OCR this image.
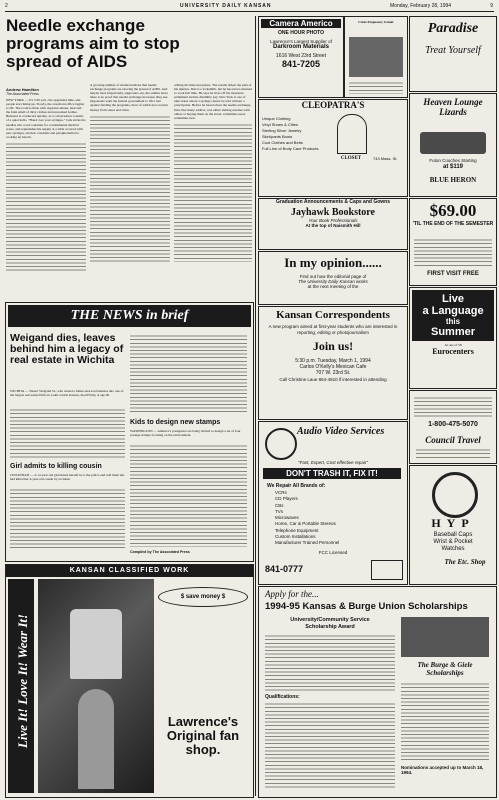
2	UNIVERSITY DAILY KANSAN	Monday, February 28, 1994	9
Needle exchange programs aim to stop spread of AIDS
Andrew Hamilton
The Associated Press

NEW YORK — It's 5:30 p.m., the appointed time, and people start lining up. Slowly, the storefront office begins to fill. The room is thick with cigarette smoke, heat and the faint smell of dirty clothes and unwashed bodies. Business is conducted quickly, as a conversation consists of a quiet hello. "Hand over your syringes." Jack sticks his needles into a red container for contaminated medical waste, and replenishes his supply at a table covered with new syringes, alcohol, condoms and paraphernalia for cooking up heroin.

A growing number of studies indicate that needle exchange programs are slowing the spread of AIDS. And maybe most importantly, supporters say, the studies show there is no proof that needle exchange increases drug use. Opponents want the federal government to lift a ban against funding the programs, most of which now receive money from states and cities.

willing his misconceptions. The results defeat the pain of his injuries. Dan is a locksmith, but he has never returned to work full time. He says he lives off his insurance settlement and his disability pay. New York is one of nine states where a syringe cannot be sold without a prescription. Before he heard about the needle exchange, Dan, like many addicts, was either sharing needles with others or buying them on the street, sometimes used, sometimes new.

THE NEWS in brief
Weigand dies, leaves behind him a legacy of real estate in Wichita
WICHITA — Nestor Weigand Sr., who turned a father-and-son business into one of the largest real estate firms in south central Kansas, died Friday at age 90.
Girl admits to killing cousin
CINCINNATI — A 12-year-old girl turned herself in to the police and told them she had killed her 4-year-old cousin by accident.
Kids to design new stamps
WASHINGTON — America's youngsters are being invited to design a set of four postage stamps focusing on the environment.
Compiled by The Associated Press
KANSAN CLASSIFIED WORK
Live It! Love It! Wear It!
$ save money $
Lawrence's Original fan shop.
Camera Americo
ONE HOUR PHOTO
Lawrence's Largest Supplier of
Darkroom Materials
1616 West 23rd Street
841-7205
Crisis Pregnancy Center	Paradise
Treat Yourself
CLEOPATRA'S
Unique Clothing
Vinyl Shoes & Cities
Sterling Silver Jewelry
Skirt/pants Boots
Cool Clothes and Belts
Full Line of Body Care Products
CLOSET	743 Mass. St.
Heaven Lounge Lizards
Futon Couches Starting
at $119
BLUE HERON
Graduation Announcements & Caps and Gowns
Jayhawk Bookstore
Your Book Professionals
At the top of Naismith Hill
$69.00
'TIL THE END OF THE SEMESTER
FIRST VISIT FREE
In my opinion......
Find out how the editorial page of
The University Daily Kansan works
at the next meeting of the
Live
a Language
this
Summer
At one of 58
Eurocenters
Kansan Correspondents
A new program aimed at first-year students who are interested in reporting, editing or photojournalism
Join us!
5:30 p.m. Tuesday, March 1, 1994
Carlos O'Kelly's Mexican Cafe
707 W. 23rd St.
Call Christine Laue 864-4810 if interested in attending
1-800-475-5070
Council Travel
Audio Video Services
"Fast, Expert, Cost effective repair"
DON'T TRASH IT, FIX IT!
We Repair All Brands of:
VCRs
CD Players
CBs
TVs
Microwaves
Home, Car & Portable Stereos
Telephone Equipment
Custom Installations
Manufacturer Trained Personnel
FCC Licensed
841-0777
HYP
Baseball Caps
Wrist & Pocket
Watches
The Etc. Shop
Apply for the...
1994-95 Kansas & Burge Union Scholarships
University/Community Service
Scholarship Award
Qualifications:
The Burge & Giele Scholarships
Nominations accepted up to March 18, 1994.
